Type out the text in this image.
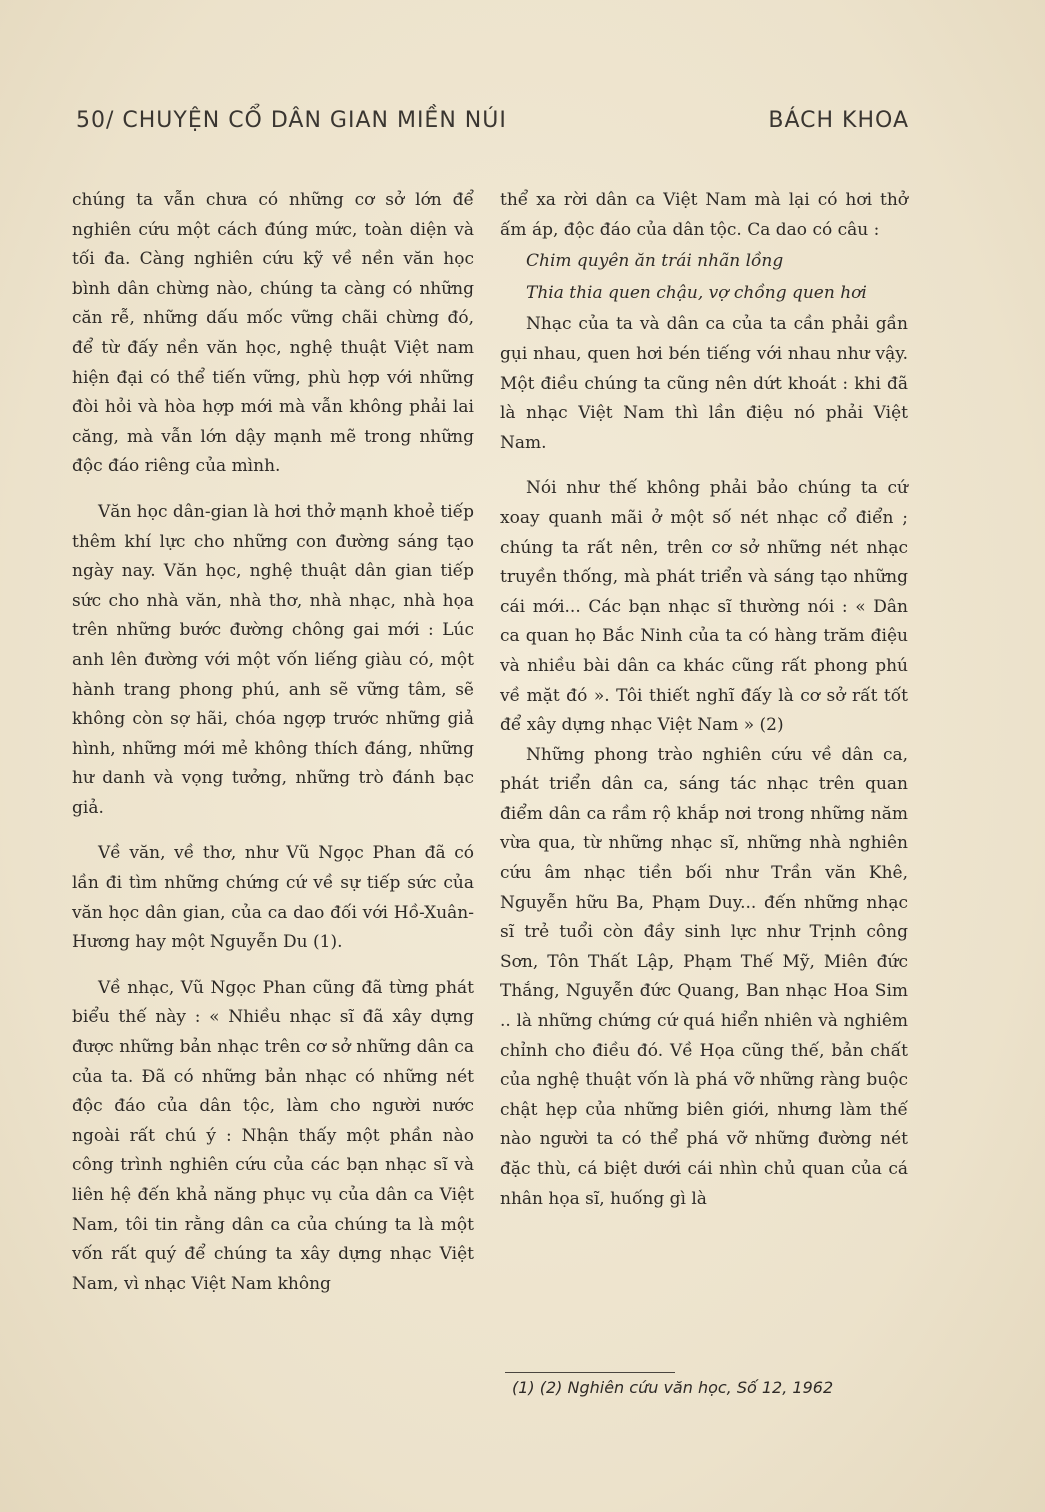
50/ CHUYỆN CỔ DÂN GIAN MIỀN NÚI	BÁCH KHOA

chúng ta vẫn chưa có những cơ sở lớn để nghiên cứu một cách đúng mức, toàn diện và tối đa. Càng nghiên cứu kỹ về nền văn học bình dân chừng nào, chúng ta càng có những căn rễ, những dấu mốc vững chãi chừng đó, để từ đấy nền văn học, nghệ thuật Việt nam hiện đại có thể tiến vững, phù hợp với những đòi hỏi và hòa hợp mới mà vẫn không phải lai căng, mà vẫn lớn dậy mạnh mẽ trong những độc đáo riêng của mình.

Văn học dân-gian là hơi thở mạnh khoẻ tiếp thêm khí lực cho những con đường sáng tạo ngày nay. Văn học, nghệ thuật dân gian tiếp sức cho nhà văn, nhà thơ, nhà nhạc, nhà họa trên những bước đường chông gai mới : Lúc anh lên đường với một vốn liếng giàu có, một hành trang phong phú, anh sẽ vững tâm, sẽ không còn sợ hãi, chóa ngợp trước những giả hình, những mới mẻ không thích đáng, những hư danh và vọng tưởng, những trò đánh bạc giả.

Về văn, về thơ, như Vũ Ngọc Phan đã có lần đi tìm những chứng cứ về sự tiếp sức của văn học dân gian, của ca dao đối với Hồ-Xuân-Hương hay một Nguyễn Du (1).

Về nhạc, Vũ Ngọc Phan cũng đã từng phát biểu thế này : « Nhiều nhạc sĩ đã xây dựng được những bản nhạc trên cơ sở những dân ca của ta. Đã có những bản nhạc có những nét độc đáo của dân tộc, làm cho người nước ngoài rất chú ý : Nhận thấy một phần nào công trình nghiên cứu của các bạn nhạc sĩ và liên hệ đến khả năng phục vụ của dân ca Việt Nam, tôi tin rằng dân ca của chúng ta là một vốn rất quý để chúng ta xây dựng nhạc Việt Nam, vì nhạc Việt Nam không

thể xa rời dân ca Việt Nam mà lại có hơi thở ấm áp, độc đáo của dân tộc. Ca dao có câu :

Chim quyên ăn trái nhãn lồng

Thia thia quen chậu, vợ chồng quen hơi

Nhạc của ta và dân ca của ta cần phải gần gụi nhau, quen hơi bén tiếng với nhau như vậy. Một điều chúng ta cũng nên dứt khoát : khi đã là nhạc Việt Nam thì lần điệu nó phải Việt Nam.

Nói như thế không phải bảo chúng ta cứ xoay quanh mãi ở một số nét nhạc cổ điển ; chúng ta rất nên, trên cơ sở những nét nhạc truyền thống, mà phát triển và sáng tạo những cái mới... Các bạn nhạc sĩ thường nói : « Dân ca quan họ Bắc Ninh của ta có hàng trăm điệu và nhiều bài dân ca khác cũng rất phong phú về mặt đó ». Tôi thiết nghĩ đấy là cơ sở rất tốt để xây dựng nhạc Việt Nam » (2)

Những phong trào nghiên cứu về dân ca, phát triển dân ca, sáng tác nhạc trên quan điểm dân ca rầm rộ khắp nơi trong những năm vừa qua, từ những nhạc sĩ, những nhà nghiên cứu âm nhạc tiền bối như Trần văn Khê, Nguyễn hữu Ba, Phạm Duy... đến những nhạc sĩ trẻ tuổi còn đầy sinh lực như Trịnh công Sơn, Tôn Thất Lập, Phạm Thế Mỹ, Miên đức Thắng, Nguyễn đức Quang, Ban nhạc Hoa Sim .. là những chứng cứ quá hiển nhiên và nghiêm chỉnh cho điều đó. Về Họa cũng thế, bản chất của nghệ thuật vốn là phá vỡ những ràng buộc chật hẹp của những biên giới, nhưng làm thế nào người ta có thể phá vỡ những đường nét đặc thù, cá biệt dưới cái nhìn chủ quan của cá nhân họa sĩ, huống gì là

(1) (2) Nghiên cứu văn học, Số 12, 1962
